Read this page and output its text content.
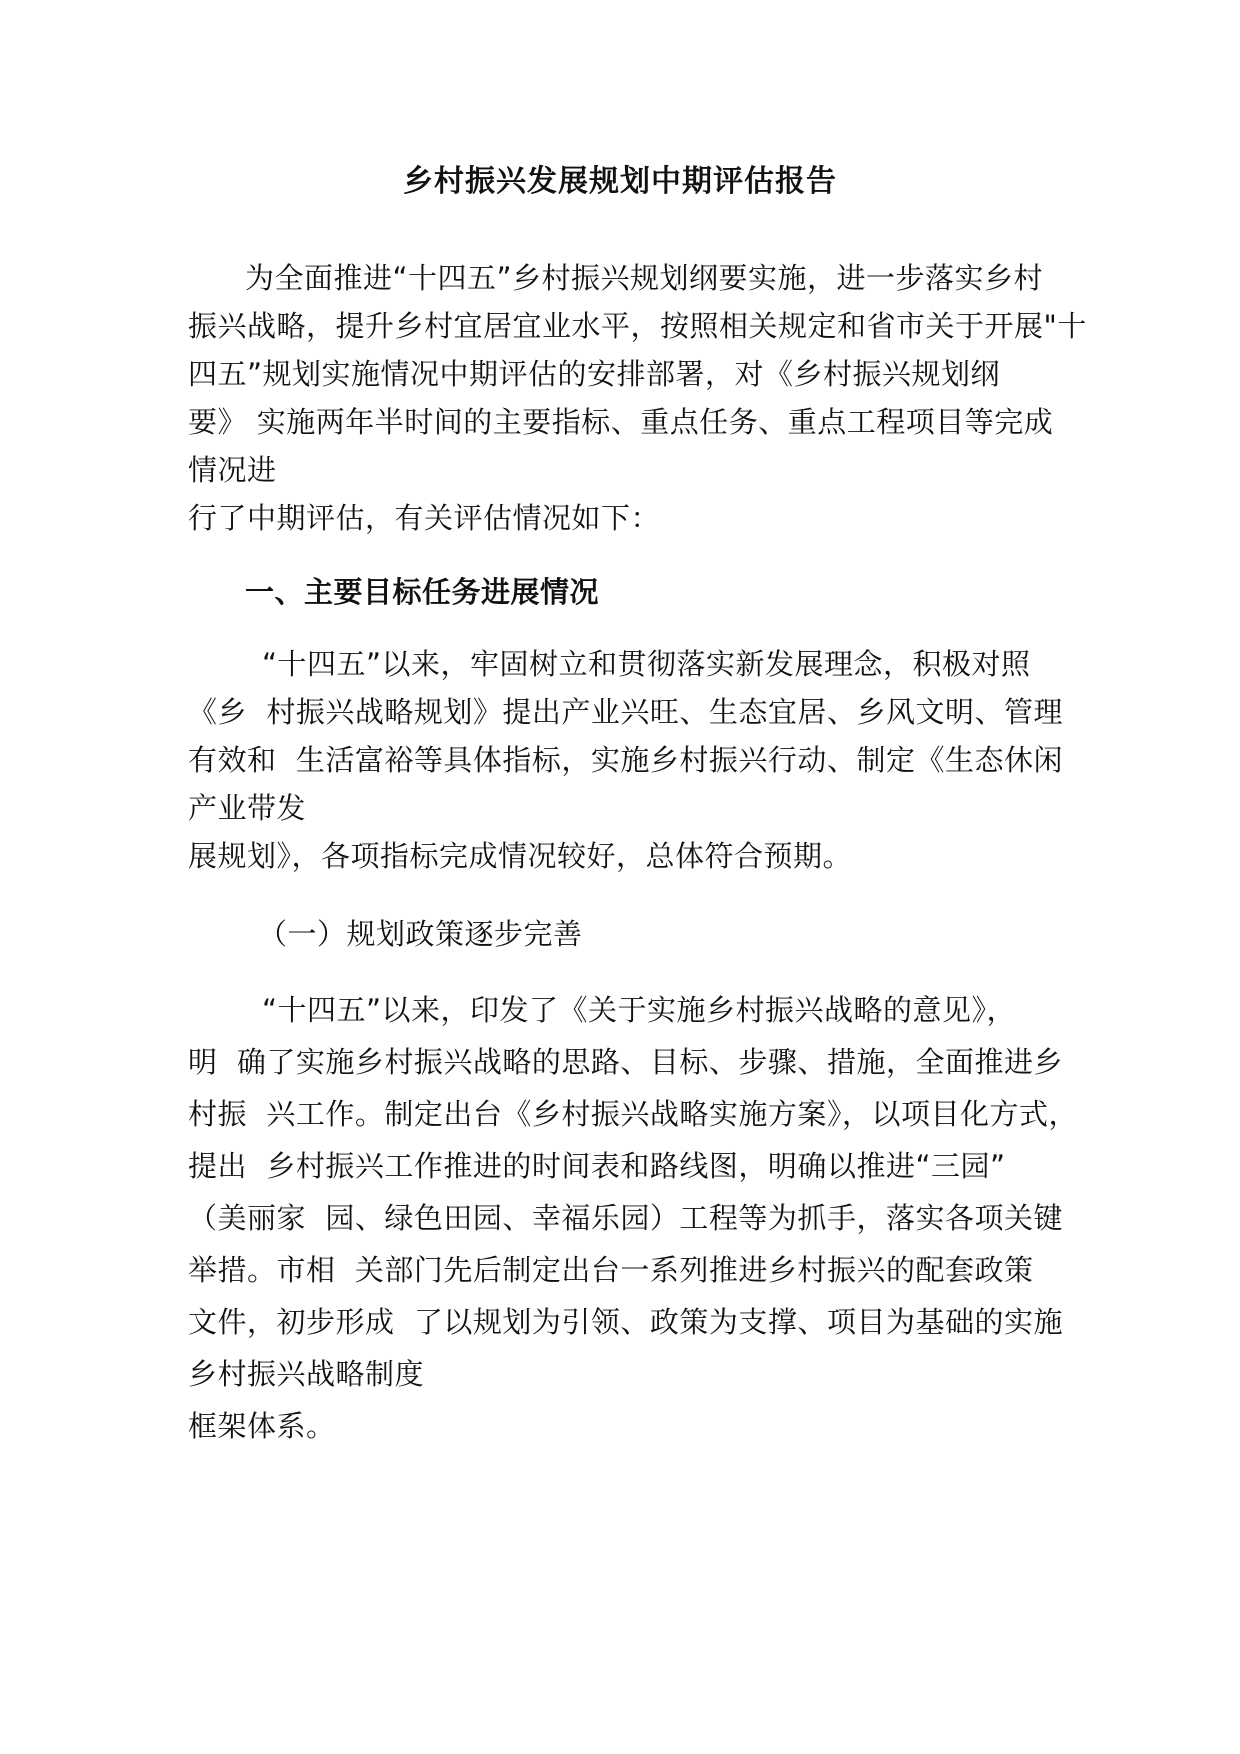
乡村振兴发展规划中期评估报告
为全面推进“十四五”乡村振兴规划纲要实施，进一步落实乡村
振兴战略，提升乡村宜居宜业水平，按照相关规定和省市关于开展"十
四五”规划实施情况中期评估的安排部署，对《乡村振兴规划纲
要》 实施两年半时间的主要指标、重点任务、重点工程项目等完成
情况进
行了中期评估，有关评估情况如下：
一、主要目标任务进展情况
“十四五”以来，牢固树立和贯彻落实新发展理念，积极对照
《乡  村振兴战略规划》提出产业兴旺、生态宜居、乡风文明、管理
有效和  生活富裕等具体指标，实施乡村振兴行动、制定《生态休闲
产业带发
展规划》，各项指标完成情况较好，总体符合预期。
（一）规划政策逐步完善
“十四五”以来，印发了《关于实施乡村振兴战略的意见》，
明  确了实施乡村振兴战略的思路、目标、步骤、措施，全面推进乡
村振  兴工作。制定出台《乡村振兴战略实施方案》，以项目化方式，
提出  乡村振兴工作推进的时间表和路线图，明确以推进“三园”
（美丽家  园、绿色田园、幸福乐园）工程等为抓手，落实各项关键
举措。市相  关部门先后制定出台一系列推进乡村振兴的配套政策
文件，初步形成  了以规划为引领、政策为支撑、项目为基础的实施
乡村振兴战略制度
框架体系。
